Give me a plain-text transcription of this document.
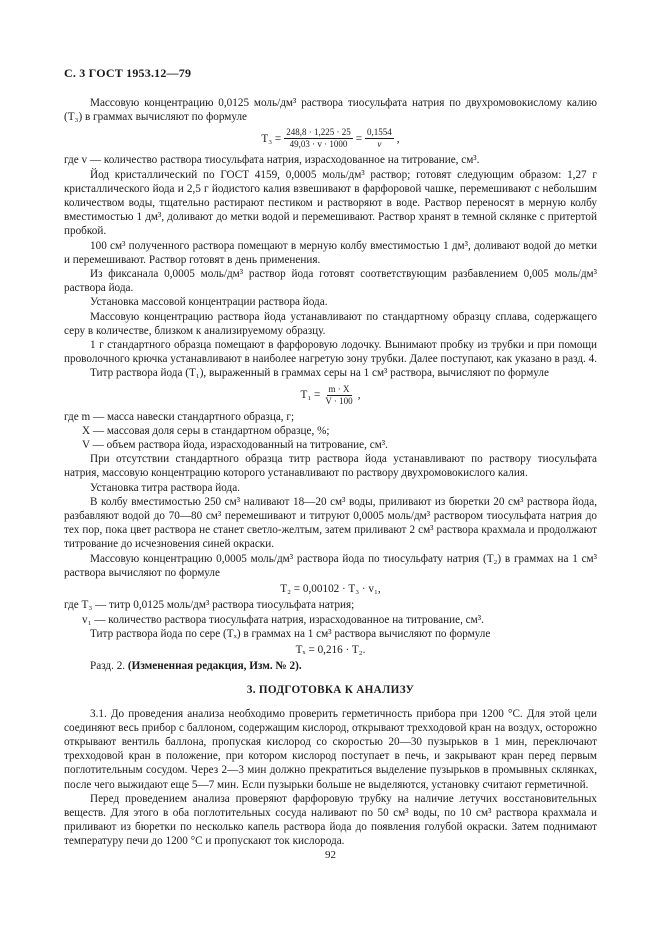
С. 3 ГОСТ 1953.12—79

Массовую концентрацию 0,0125 моль/дм³ раствора тиосульфата натрия по двухромовокислому калию (T₃) в граммах вычисляют по формуле

$T_3 = \frac{248,8 \cdot 1,225 \cdot 25}{49,03 \cdot v \cdot 1000} = \frac{0,1554}{v}$ ,

где v — количество раствора тиосульфата натрия, израсходованное на титрование, см³.

Йод кристаллический по ГОСТ 4159, 0,0005 моль/дм³ раствор; готовят следующим образом: 1,27 г кристаллического йода и 2,5 г йодистого калия взвешивают в фарфоровой чашке, перемешивают с небольшим количеством воды, тщательно растирают пестиком и растворяют в воде. Раствор переносят в мерную колбу вместимостью 1 дм³, доливают до метки водой и перемешивают. Раствор хранят в темной склянке с притертой пробкой.

100 см³ полученного раствора помещают в мерную колбу вместимостью 1 дм³, доливают водой до метки и перемешивают. Раствор готовят в день применения.

Из фиксанала 0,0005 моль/дм³ раствор йода готовят соответствующим разбавлением 0,005 моль/дм³ раствора йода.

Установка массовой концентрации раствора йода.

Массовую концентрацию раствора йода устанавливают по стандартному образцу сплава, содержащего серу в количестве, близком к анализируемому образцу.

1 г стандартного образца помещают в фарфоровую лодочку. Вынимают пробку из трубки и при помощи проволочного крючка устанавливают в наиболее нагретую зону трубки. Далее поступают, как указано в разд. 4.

Титр раствора йода (T₁), выраженный в граммах серы на 1 см³ раствора, вычисляют по формуле

$T_1 = \frac{m \cdot X}{V \cdot 100}$ ,

где m — масса навески стандартного образца, г;

X — массовая доля серы в стандартном образце, %;

V — объем раствора йода, израсходованный на титрование, см³.

При отсутствии стандартного образца титр раствора йода устанавливают по раствору тиосульфата натрия, массовую концентрацию которого устанавливают по раствору двухромовокислого калия.

Установка титра раствора йода.

В колбу вместимостью 250 см³ наливают 18—20 см³ воды, приливают из бюретки 20 см³ раствора йода, разбавляют водой до 70—80 см³ перемешивают и титруют 0,0005 моль/дм³ раствором тиосульфата натрия до тех пор, пока цвет раствора не станет светло-желтым, затем приливают 2 см³ раствора крахмала и продолжают титрование до исчезновения синей окраски.

Массовую концентрацию 0,0005 моль/дм³ раствора йода по тиосульфату натрия (T₂) в граммах на 1 см³ раствора вычисляют по формуле

T₂ = 0,00102 · T₃ · v₁,

где T₃ — титр 0,0125 моль/дм³ раствора тиосульфата натрия;

v₁ — количество раствора тиосульфата натрия, израсходованное на титрование, см³.

Титр раствора йода по сере (Tₓ) в граммах на 1 см³ раствора вычисляют по формуле

Tₓ = 0,216 · T₂.

Разд. 2. (Измененная редакция, Изм. № 2).

3. ПОДГОТОВКА К АНАЛИЗУ

3.1. До проведения анализа необходимо проверить герметичность прибора при 1200 °С. Для этой цели соединяют весь прибор с баллоном, содержащим кислород, открывают трехходовой кран на воздух, осторожно открывают вентиль баллона, пропуская кислород со скоростью 20—30 пузырьков в 1 мин, переключают трехходовой кран в положение, при котором кислород поступает в печь, и закрывают кран перед первым поглотительным сосудом. Через 2—3 мин должно прекратиться выделение пузырьков в промывных склянках, после чего выжидают еще 5—7 мин. Если пузырьки больше не выделяются, установку считают герметичной.

Перед проведением анализа проверяют фарфоровую трубку на наличие летучих восстановительных веществ. Для этого в оба поглотительных сосуда наливают по 50 см³ воды, по 10 см³ раствора крахмала и приливают из бюретки по несколько капель раствора йода до появления голубой окраски. Затем поднимают температуру печи до 1200 °С и пропускают ток кислорода.

92
